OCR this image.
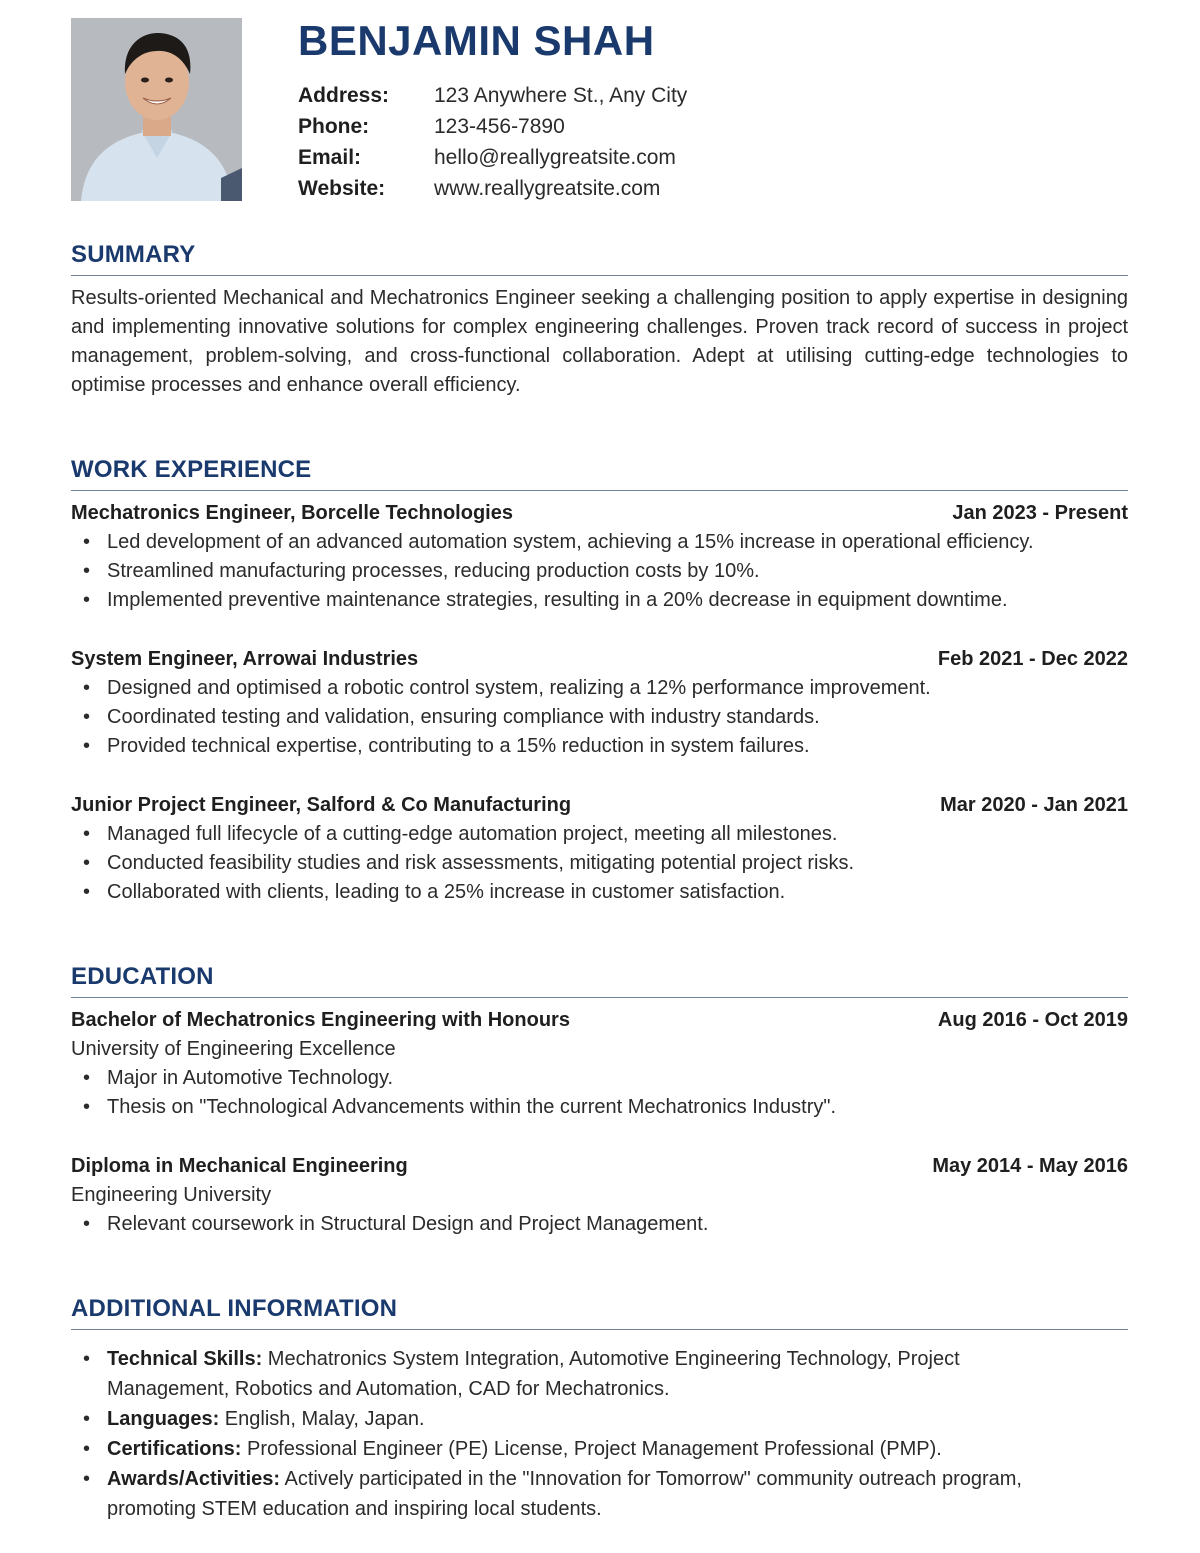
BENJAMIN SHAH
Address:	123 Anywhere St., Any City
Phone:	123-456-7890
Email:	hello@reallygreatsite.com
Website:	www.reallygreatsite.com
SUMMARY

Results-oriented Mechanical and Mechatronics Engineer seeking a challenging position to apply expertise in designing and implementing innovative solutions for complex engineering challenges. Proven track record of success in project management, problem-solving, and cross-functional collaboration. Adept at utilising cutting-edge technologies to optimise processes and enhance overall efficiency.

WORK EXPERIENCE
Mechatronics Engineer, Borcelle Technologies	Jan 2023 - Present
• Led development of an advanced automation system, achieving a 15% increase in operational efficiency.
• Streamlined manufacturing processes, reducing production costs by 10%.
• Implemented preventive maintenance strategies, resulting in a 20% decrease in equipment downtime.
System Engineer, Arrowai Industries	Feb 2021 - Dec 2022
• Designed and optimised a robotic control system, realizing a 12% performance improvement.
• Coordinated testing and validation, ensuring compliance with industry standards.
• Provided technical expertise, contributing to a 15% reduction in system failures.
Junior Project Engineer, Salford & Co Manufacturing	Mar 2020 - Jan 2021
• Managed full lifecycle of a cutting-edge automation project, meeting all milestones.
• Conducted feasibility studies and risk assessments, mitigating potential project risks.
• Collaborated with clients, leading to a 25% increase in customer satisfaction.
EDUCATION
Bachelor of Mechatronics Engineering with Honours	Aug 2016 - Oct 2019
University of Engineering Excellence
• Major in Automotive Technology.
• Thesis on "Technological Advancements within the current Mechatronics Industry".
Diploma in Mechanical Engineering	May 2014 - May 2016
Engineering University
• Relevant coursework in Structural Design and Project Management.
ADDITIONAL INFORMATION
• Technical Skills: Mechatronics System Integration, Automotive Engineering Technology, Project Management, Robotics and Automation, CAD for Mechatronics.
• Languages: English, Malay, Japan.
• Certifications: Professional Engineer (PE) License, Project Management Professional (PMP).
• Awards/Activities: Actively participated in the "Innovation for Tomorrow" community outreach program, promoting STEM education and inspiring local students.
